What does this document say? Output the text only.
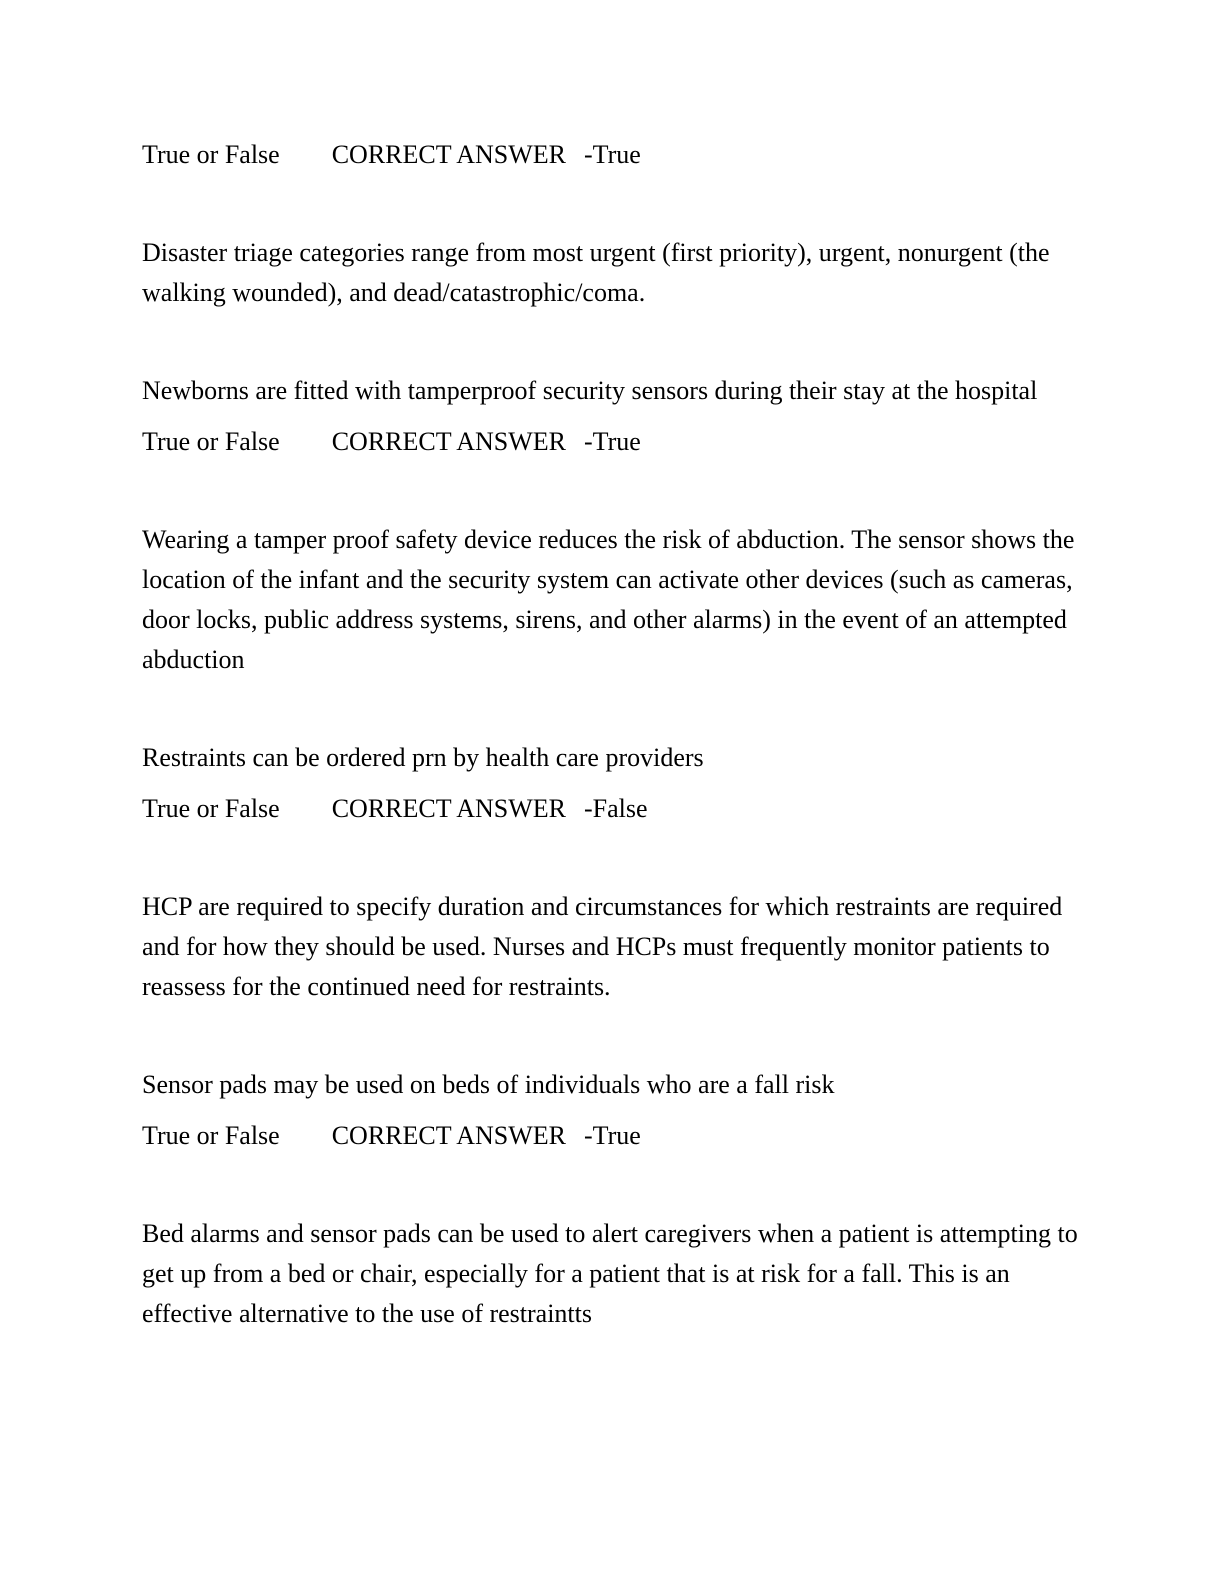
True or False CORRECT ANSWER -True

Disaster triage categories range from most urgent (first priority), urgent, nonurgent (the walking wounded), and dead/catastrophic/coma.

Newborns are fitted with tamperproof security sensors during their stay at the hospital

True or False CORRECT ANSWER -True

Wearing a tamper proof safety device reduces the risk of abduction. The sensor shows the location of the infant and the security system can activate other devices (such as cameras, door locks, public address systems, sirens, and other alarms) in the event of an attempted abduction

Restraints can be ordered prn by health care providers

True or False CORRECT ANSWER -False

HCP are required to specify duration and circumstances for which restraints are required and for how they should be used. Nurses and HCPs must frequently monitor patients to reassess for the continued need for restraints.

Sensor pads may be used on beds of individuals who are a fall risk

True or False CORRECT ANSWER -True

Bed alarms and sensor pads can be used to alert caregivers when a patient is attempting to get up from a bed or chair, especially for a patient that is at risk for a fall. This is an effective alternative to the use of restraintts
